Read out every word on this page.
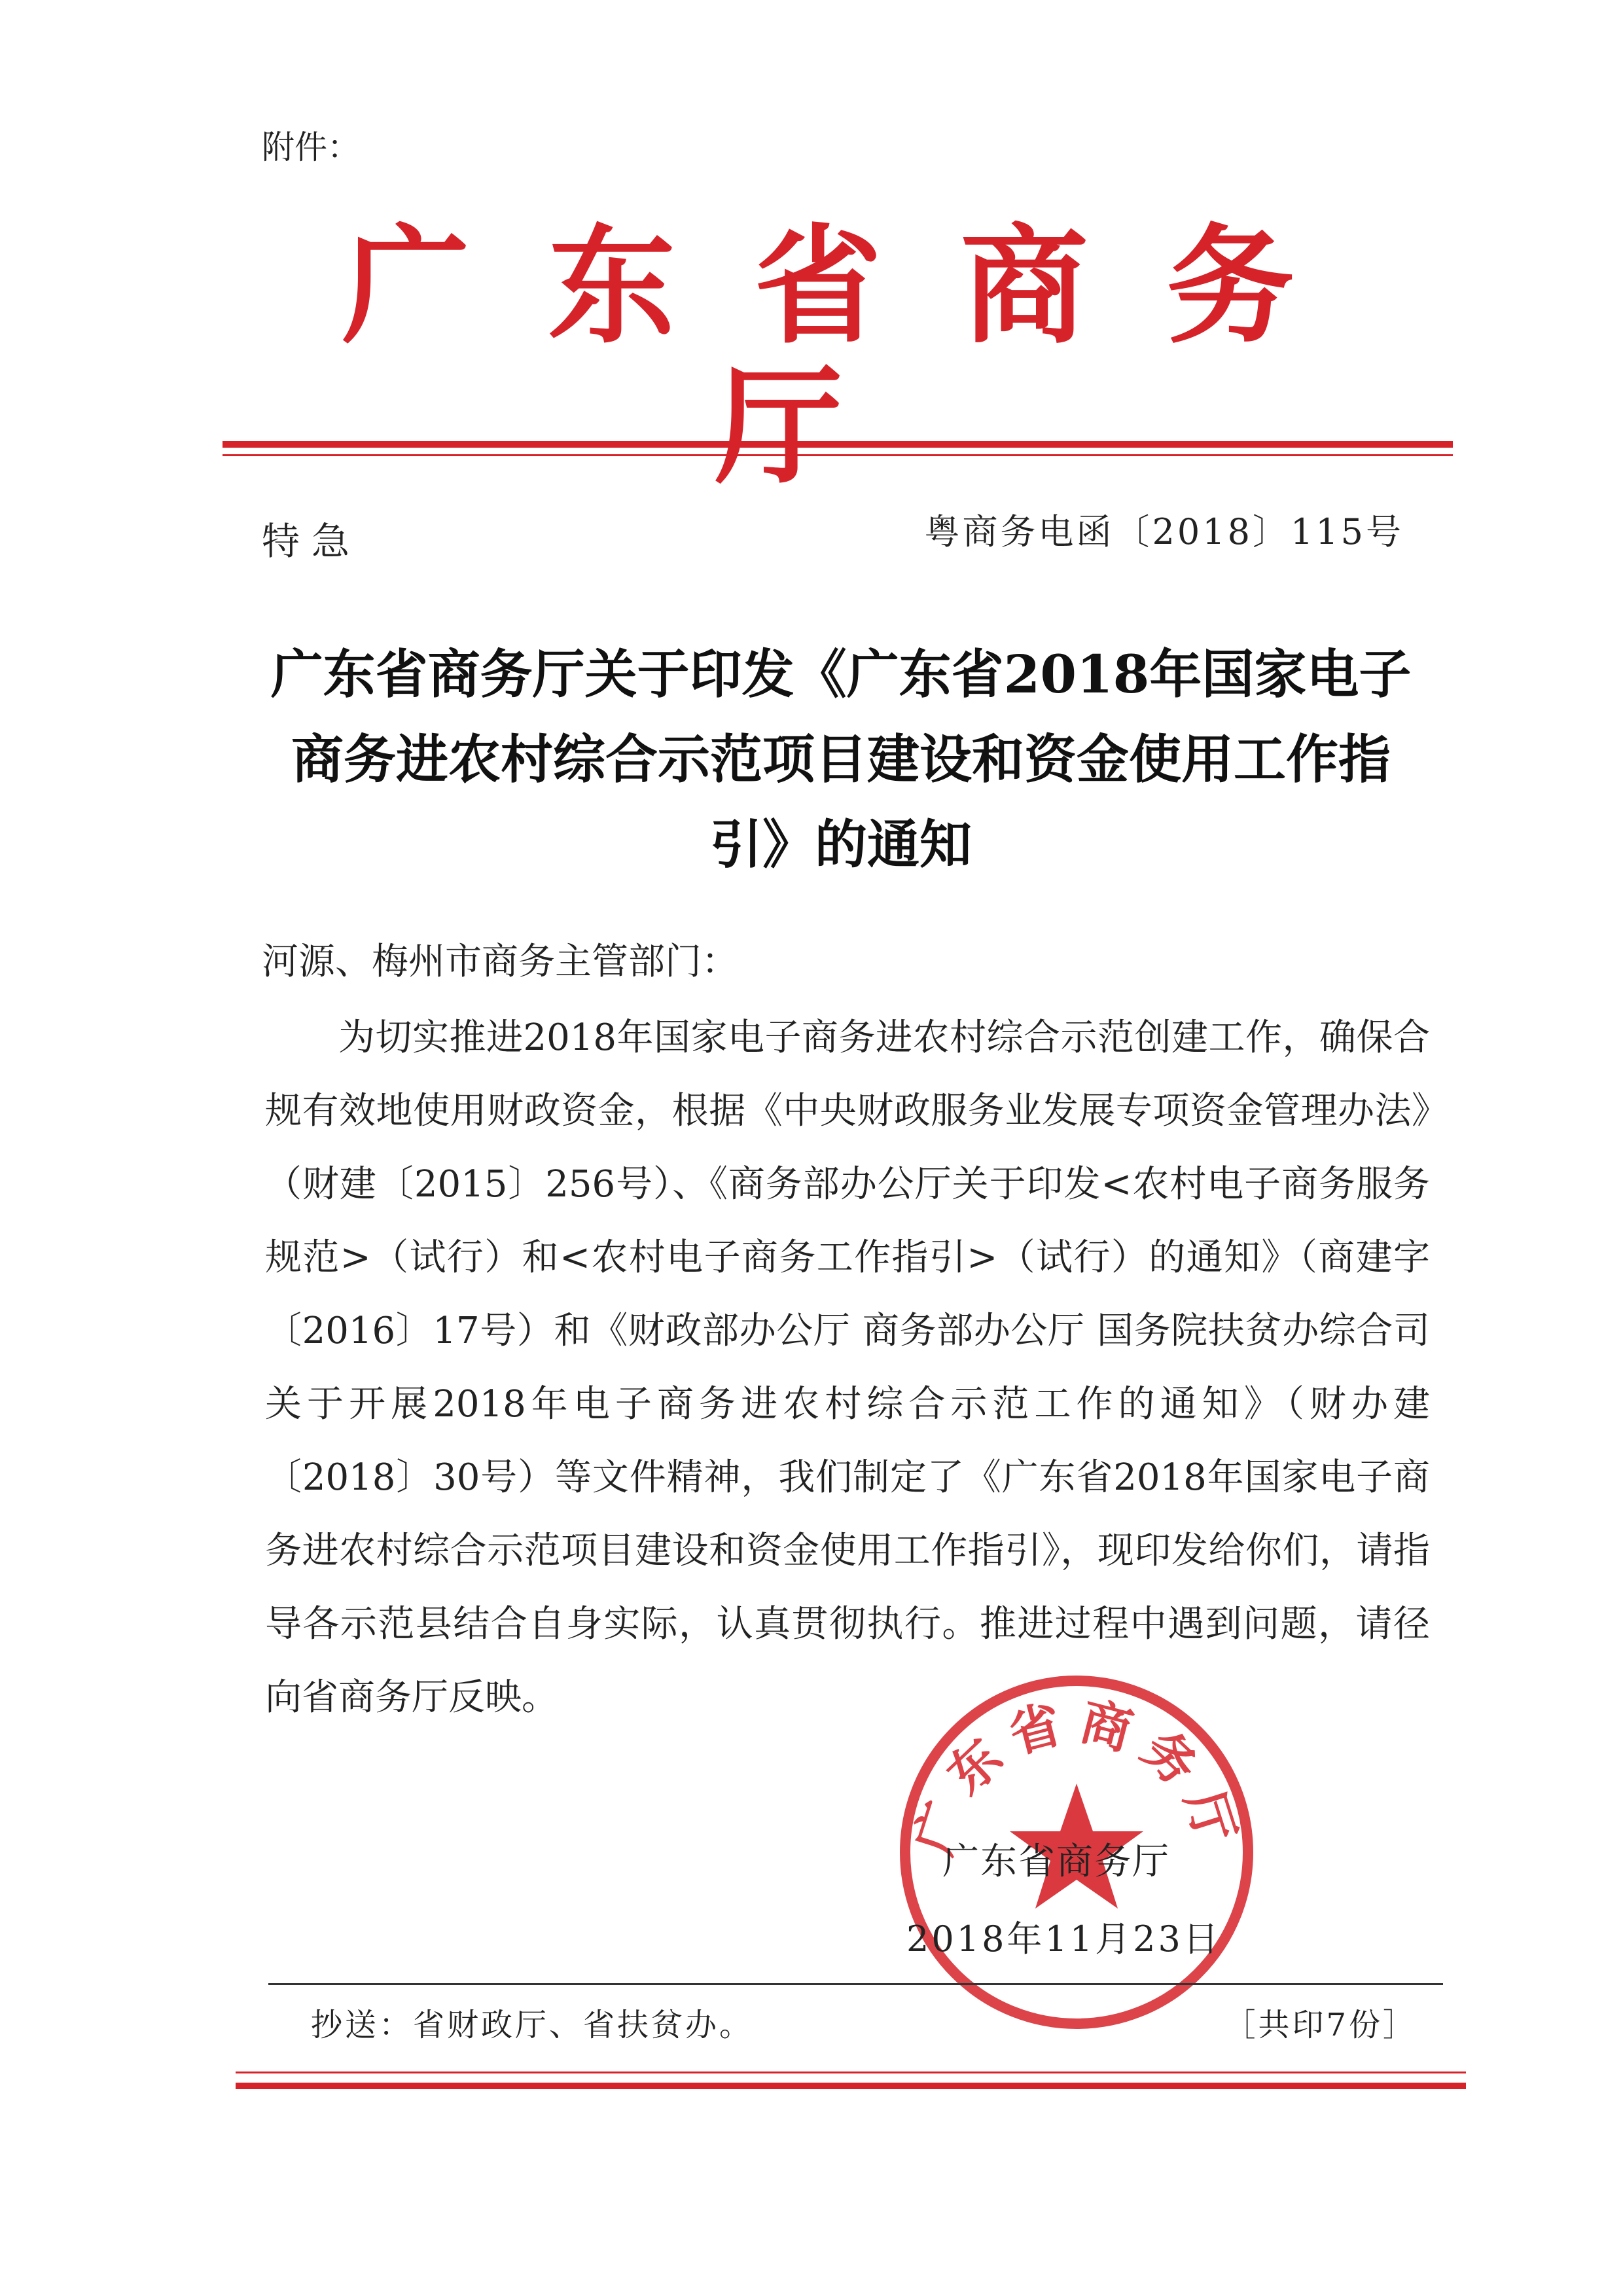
附件：
广东省商务厅
特急	粤商务电函〔2018〕115号
广东省商务厅关于印发《广东省2018年国家电子商务进农村综合示范项目建设和资金使用工作指引》的通知
河源、梅州市商务主管部门：

为切实推进2018年国家电子商务进农村综合示范创建工作，确保合规有效地使用财政资金，根据《中央财政服务业发展专项资金管理办法》（财建〔2015〕256号）、《商务部办公厅关于印发<农村电子商务服务规范>（试行）和<农村电子商务工作指引>（试行）的通知》（商建字〔2016〕17号）和《财政部办公厅 商务部办公厅 国务院扶贫办综合司 关于开展2018年电子商务进农村综合示范工作的通知》（财办建〔2018〕30号）等文件精神，我们制定了《广东省2018年国家电子商务进农村综合示范项目建设和资金使用工作指引》，现印发给你们，请指导各示范县结合自身实际，认真贯彻执行。推进过程中遇到问题，请径向省商务厅反映。

广东省商务厅
广东省商务厅
2018年11月23日
抄送：省财政厅、省扶贫办。	［共印7份］
